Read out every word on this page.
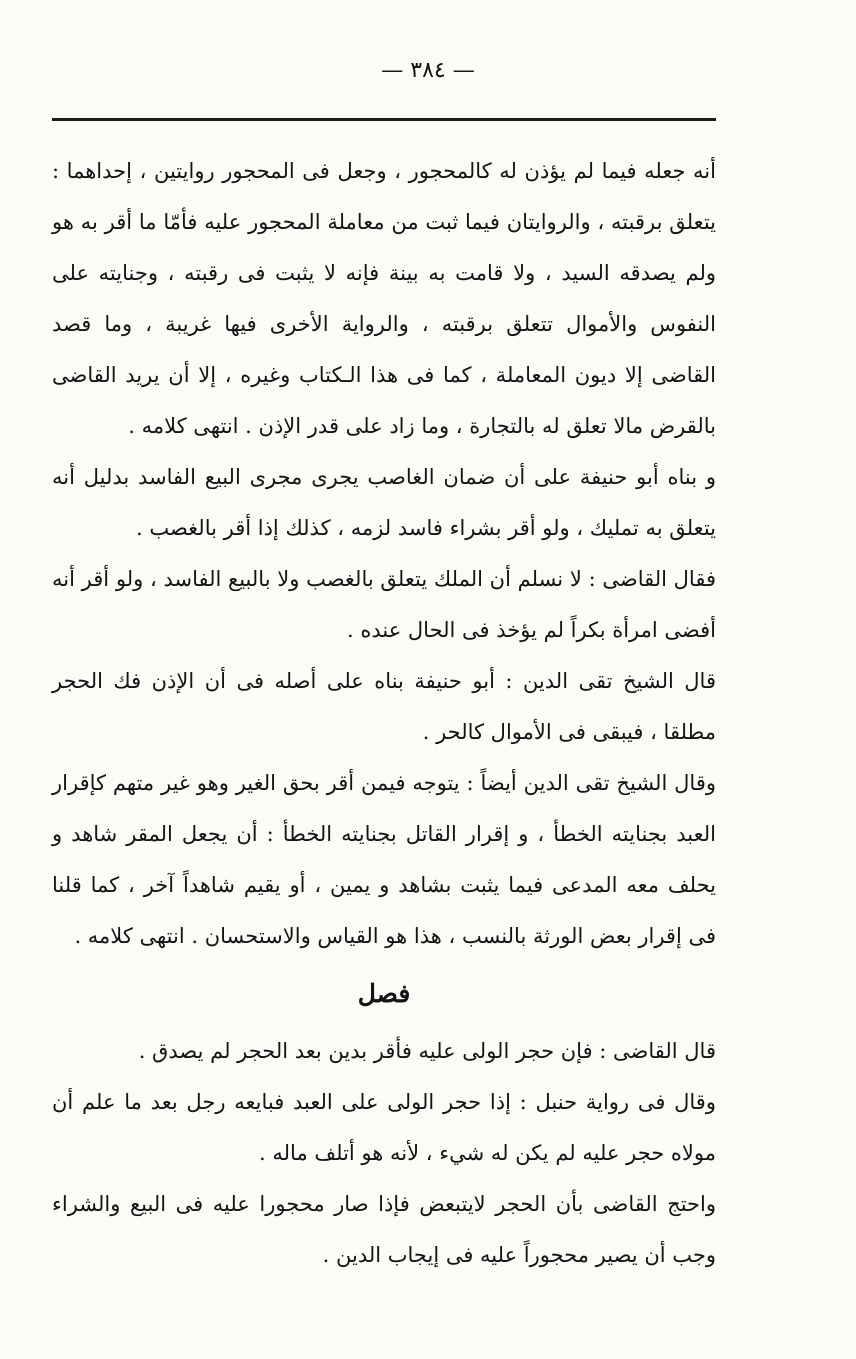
— ٣٨٤ —

أنه جعله فيما لم يؤذن له كالمحجور ، وجعل فى المحجور روايتين ، إحداهما : يتعلق برقبته ، والروايتان فيما ثبت من معاملة المحجور عليه فأمّا ما أقر به هو ولم يصدقه السيد ، ولا قامت به بينة فإنه لا يثبت فى رقبته ، وجنايته على النفوس والأموال تتعلق برقبته ، والرواية الأخرى فيها غريبة ، وما قصد القاضى إلا ديون المعاملة ، كما فى هذا الـكتاب وغيره ، إلا أن يريد القاضى بالقرض مالا تعلق له بالتجارة ، وما زاد على قدر الإذن . انتهى كلامه .

و بناه أبو حنيفة على أن ضمان الغاصب يجرى مجرى البيع الفاسد بدليل أنه يتعلق به تمليك ، ولو أقر بشراء فاسد لزمه ، كذلك إذا أقر بالغصب .

فقال القاضى : لا نسلم أن الملك يتعلق بالغصب ولا بالبيع الفاسد ، ولو أقر أنه أفضى امرأة بكراً لم يؤخذ فى الحال عنده .

قال الشيخ تقى الدين : أبو حنيفة بناه على أصله فى أن الإذن فك الحجر مطلقا ، فيبقى فى الأموال كالحر .

وقال الشيخ تقى الدين أيضاً : يتوجه فيمن أقر بحق الغير وهو غير متهم كإقرار العبد بجنايته الخطأ ، و إقرار القاتل بجنايته الخطأ : أن يجعل المقر شاهد و يحلف معه المدعى فيما يثبت بشاهد و يمين ، أو يقيم شاهداً آخر ، كما قلنا فى إقرار بعض الورثة بالنسب ، هذا هو القياس والاستحسان . انتهى كلامه .

فصل

قال القاضى : فإن حجر الولى عليه فأقر بدين بعد الحجر لم يصدق .

وقال فى رواية حنبل : إذا حجر الولى على العبد فبايعه رجل بعد ما علم أن مولاه حجر عليه لم يكن له شيء ، لأنه هو أتلف ماله .

واحتج القاضى بأن الحجر لايتبعض فإذا صار محجورا عليه فى البيع والشراء وجب أن يصير محجوراً عليه فى إيجاب الدين .
